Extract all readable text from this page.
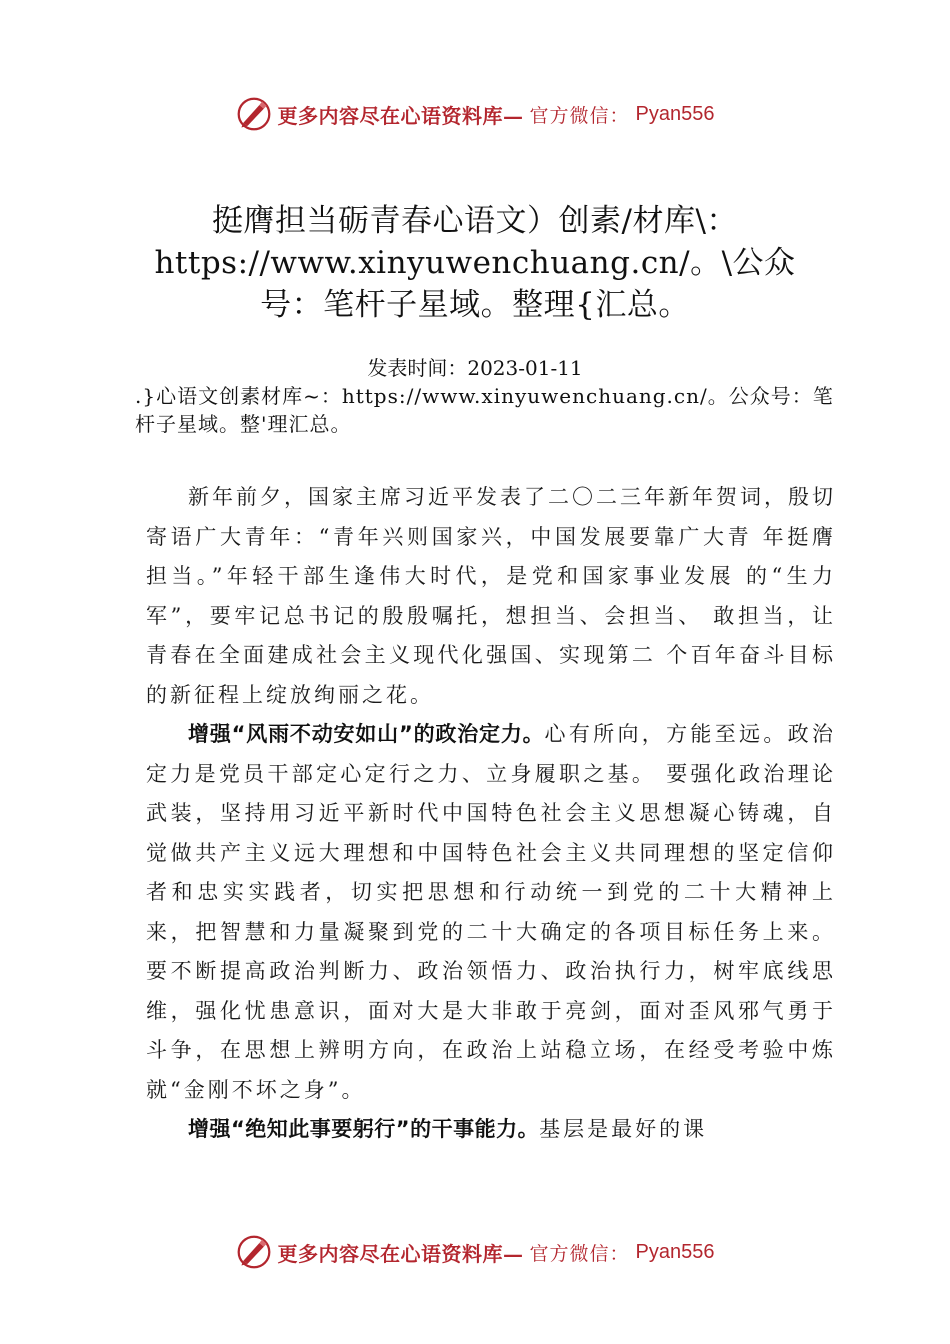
更多内容尽在心语资料库— 官方微信： Pyan556
挺膺担当砺青春心语文）创素/材库\：https://www.xinyuwenchuang.cn/。\公众号：笔杆子星域。整理{汇总。
发表时间：2023-01-11
.}心语文创素材库~：https://www.xinyuwenchuang.cn/。公众号：笔杆子星域。整'理汇总。

新年前夕，国家主席习近平发表了二〇二三年新年贺词，殷切寄语广大青年：“青年兴则国家兴，中国发展要靠广大青 年挺膺担当。”年轻干部生逢伟大时代，是党和国家事业发展 的“生力军”，要牢记总书记的殷殷嘱托，想担当、会担当、 敢担当，让青春在全面建成社会主义现代化强国、实现第二 个百年奋斗目标的新征程上绽放绚丽之花。

增强“风雨不动安如山”的政治定力。心有所向，方能至远。政治定力是党员干部定心定行之力、立身履职之基。 要强化政治理论武装，坚持用习近平新时代中国特色社会主义思想凝心铸魂，自觉做共产主义远大理想和中国特色社会主义共同理想的坚定信仰者和忠实实践者，切实把思想和行动统一到党的二十大精神上来，把智慧和力量凝聚到党的二十大确定的各项目标任务上来。要不断提高政治判断力、政治领悟力、政治执行力，树牢底线思维，强化忧患意识，面对大是大非敢于亮剑，面对歪风邪气勇于斗争，在思想上辨明方向，在政治上站稳立场，在经受考验中炼就“金刚不坏之身”。

增强“绝知此事要躬行”的干事能力。基层是最好的课

更多内容尽在心语资料库— 官方微信： Pyan556
